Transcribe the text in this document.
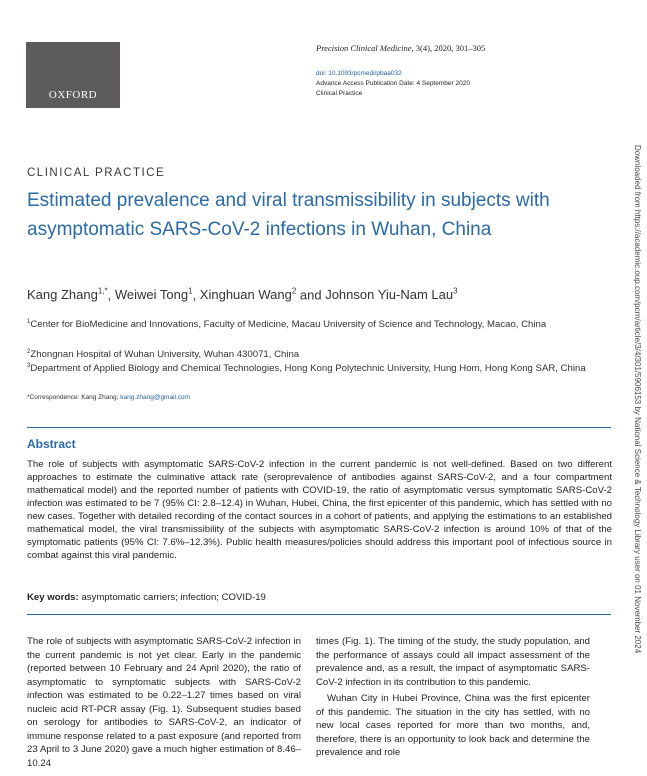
OXFORD
Precision Clinical Medicine, 3(4), 2020, 301–305
doi: 10.1093/pcmedi/pbaa032
Advance Access Publication Date: 4 September 2020
Clinical Practice
CLINICAL PRACTICE
Estimated prevalence and viral transmissibility in subjects with asymptomatic SARS-CoV-2 infections in Wuhan, China
Kang Zhang$^{1,*}$, Weiwei Tong$^1$, Xinghuan Wang$^2$ and Johnson Yiu-Nam Lau$^3$
$^1$Center for BioMedicine and Innovations, Faculty of Medicine, Macau University of Science and Technology, Macao, China
$^2$Zhongnan Hospital of Wuhan University, Wuhan 430071, China
$^3$Department of Applied Biology and Chemical Technologies, Hong Kong Polytechnic University, Hung Hom, Hong Kong SAR, China
*Correspondence: Kang Zhang, kang.zhang@gmail.com
Abstract

The role of subjects with asymptomatic SARS-CoV-2 infection in the current pandemic is not well-defined. Based on two different approaches to estimate the culminative attack rate (seroprevalence of antibodies against SARS-CoV-2, and a four compartment mathematical model) and the reported number of patients with COVID-19, the ratio of asymptomatic versus symptomatic SARS-CoV-2 infection was estimated to be 7 (95% CI: 2.8–12.4) in Wuhan, Hubei, China, the first epicenter of this pandemic, which has settled with no new cases. Together with detailed recording of the contact sources in a cohort of patients, and applying the estimations to an established mathematical model, the viral transmissibility of the subjects with asymptomatic SARS-CoV-2 infection is around 10% of that of the symptomatic patients (95% CI: 7.6%–12.3%). Public health measures/policies should address this important pool of infectious source in combat against this viral pandemic.

Key words: asymptomatic carriers; infection; COVID-19

The role of subjects with asymptomatic SARS-CoV-2 infection in the current pandemic is not yet clear. Early in the pandemic (reported between 10 February and 24 April 2020), the ratio of asymptomatic to symptomatic subjects with SARS-CoV-2 infection was estimated to be 0.22–1.27 times based on viral nucleic acid RT-PCR assay (Fig. 1). Subsequent studies based on serology for antibodies to SARS-CoV-2, an indicator of immune response related to a past exposure (and reported from 23 April to 3 June 2020) gave a much higher estimation of 8.46–10.24

times (Fig. 1). The timing of the study, the study population, and the performance of assays could all impact assessment of the prevalence and, as a result, the impact of asymptomatic SARS-CoV-2 infection in its contribution to this pandemic.

Wuhan City in Hubei Province, China was the first epicenter of this pandemic. The situation in the city has settled, with no new local cases reported for more than two months, and, therefore, there is an opportunity to look back and determine the prevalence and role

Downloaded from https://academic.oup.com/pcm/article/3/4/301/5906153 by National Science & Technology Library user on 01 November 2024
